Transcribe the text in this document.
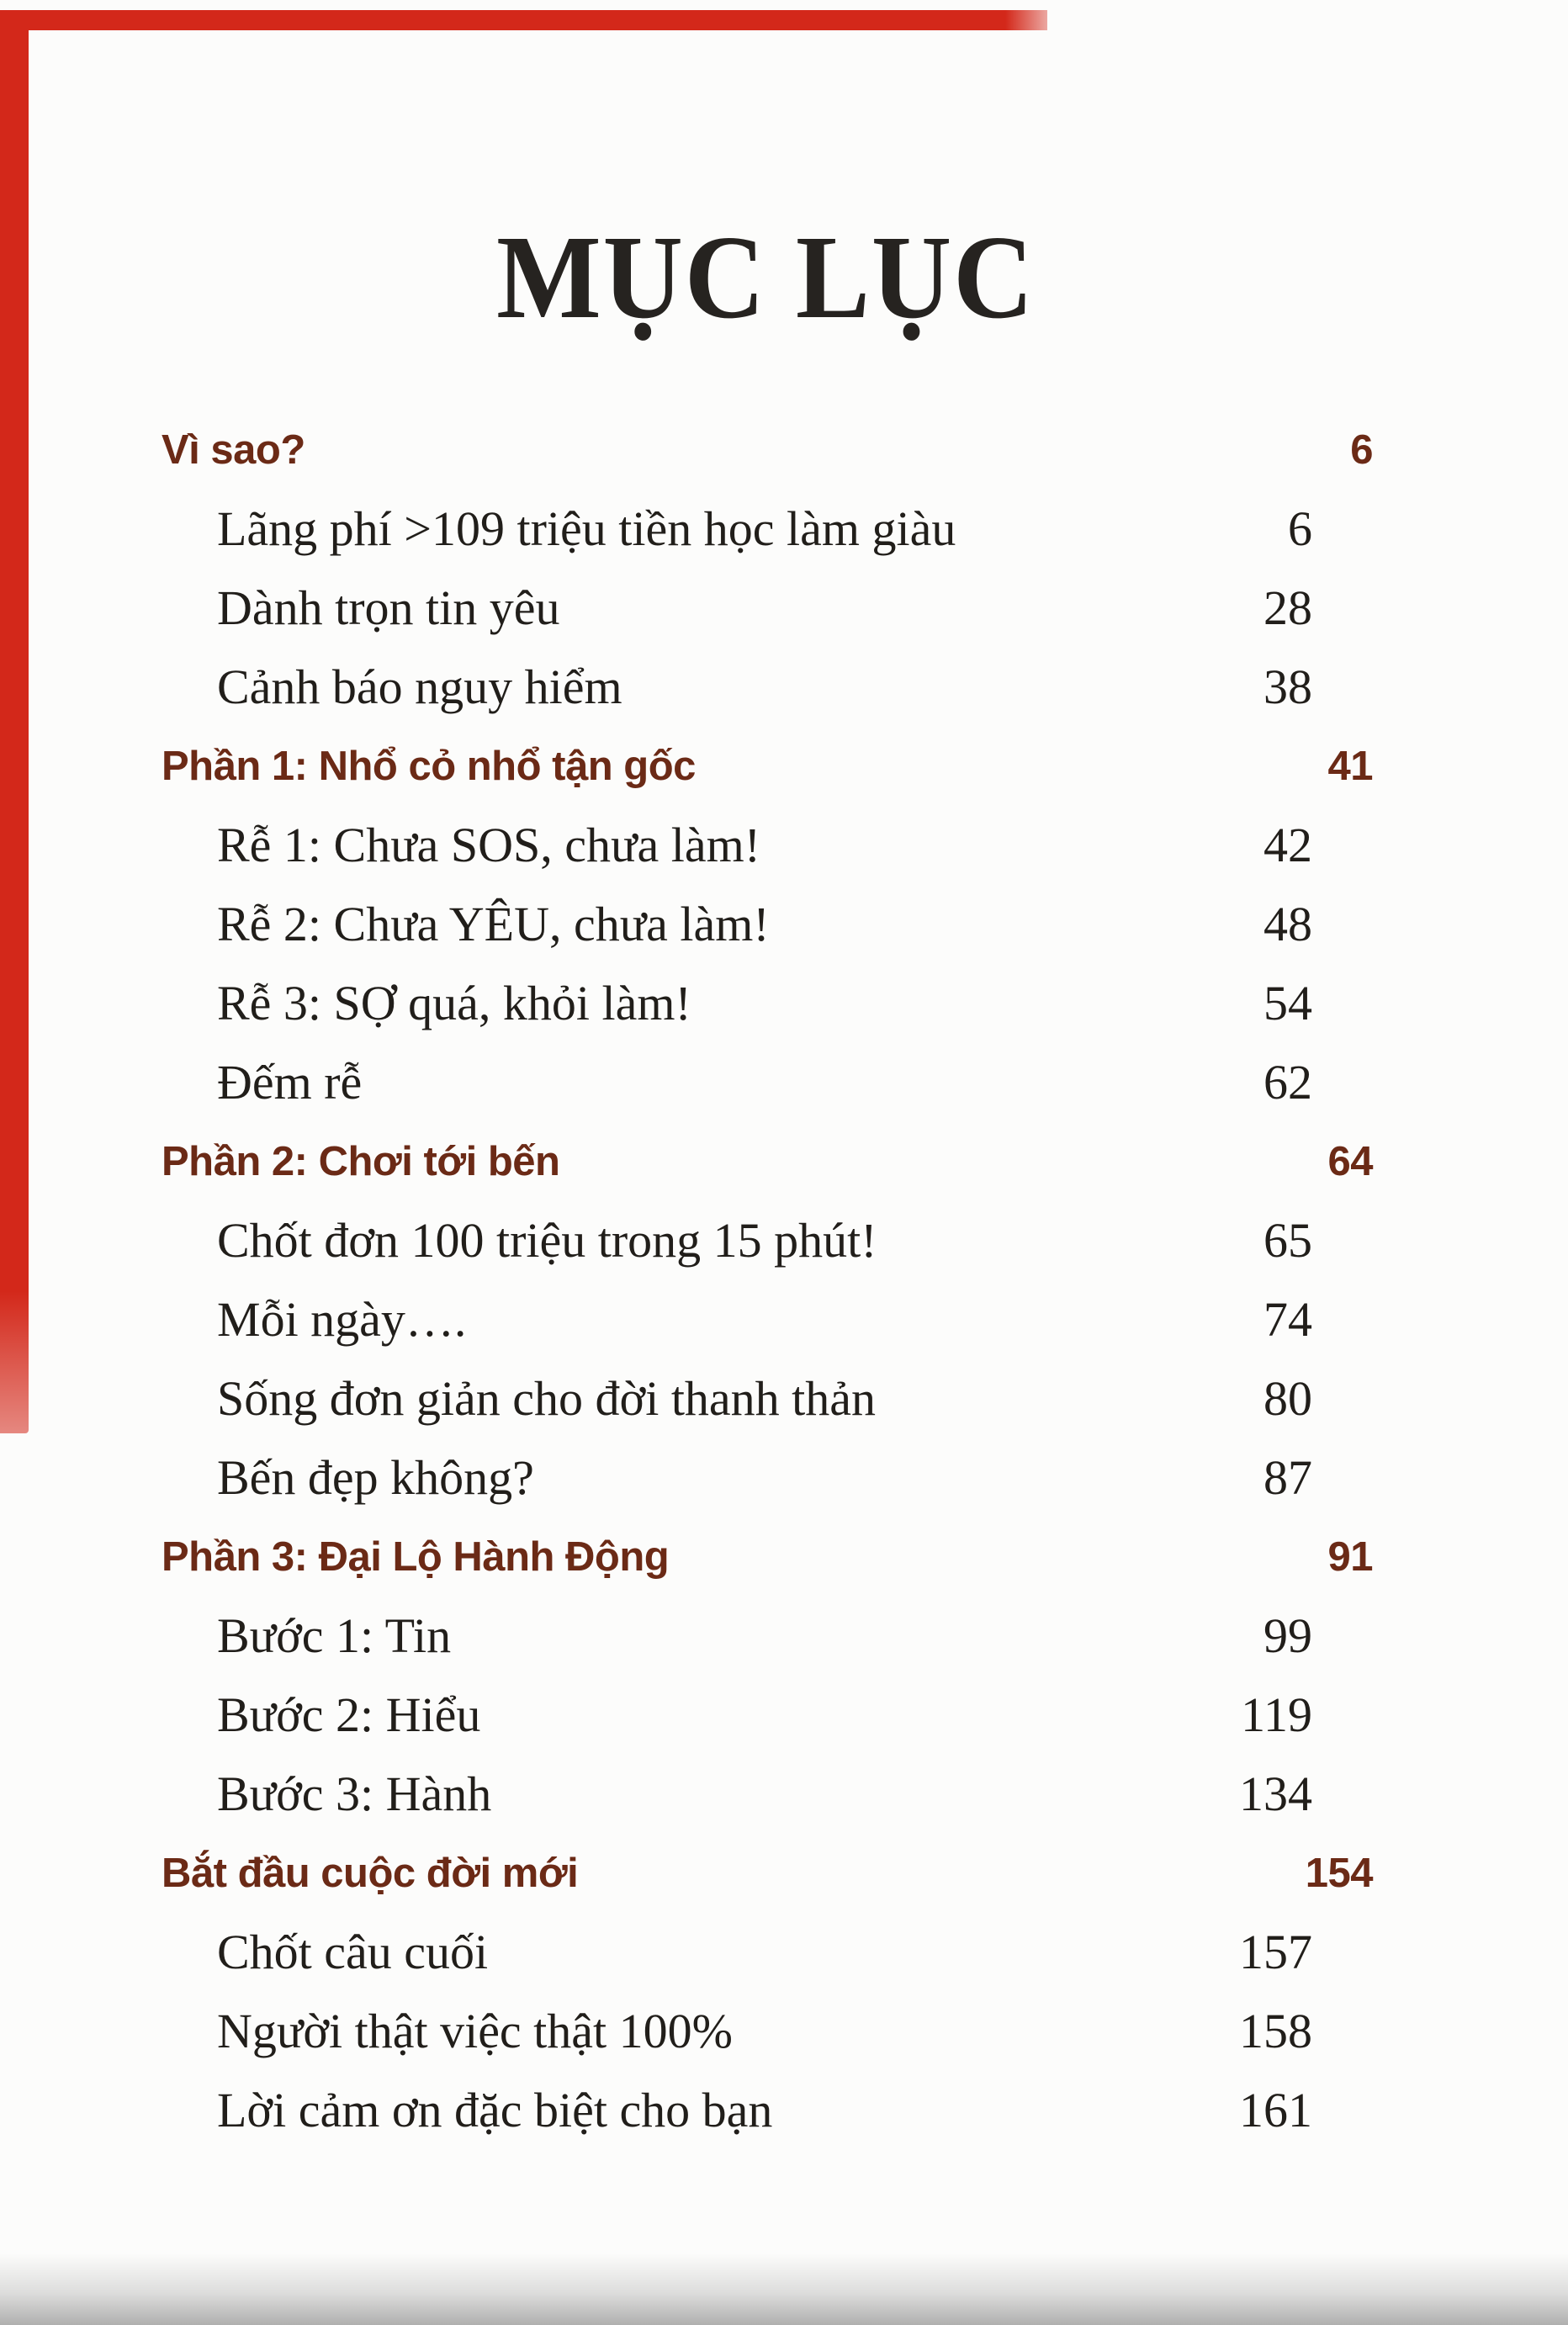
MỤC LỤC
Vì sao?	6
Lãng phí >109 triệu tiền học làm giàu	6
Dành trọn tin yêu	28
Cảnh báo nguy hiểm	38
Phần 1: Nhổ cỏ nhổ tận gốc	41
Rễ 1: Chưa SOS, chưa làm!	42
Rễ 2: Chưa YÊU, chưa làm!	48
Rễ 3: SỢ quá, khỏi làm!	54
Đếm rễ	62
Phần 2: Chơi tới bến	64
Chốt đơn 100 triệu trong 15 phút!	65
Mỗi ngày….	74
Sống đơn giản cho đời thanh thản	80
Bến đẹp không?	87
Phần 3: Đại Lộ Hành Động	91
Bước 1: Tin	99
Bước 2: Hiểu	119
Bước 3: Hành	134
Bắt đầu cuộc đời mới	154
Chốt câu cuối	157
Người thật việc thật 100%	158
Lời cảm ơn đặc biệt cho bạn	161
